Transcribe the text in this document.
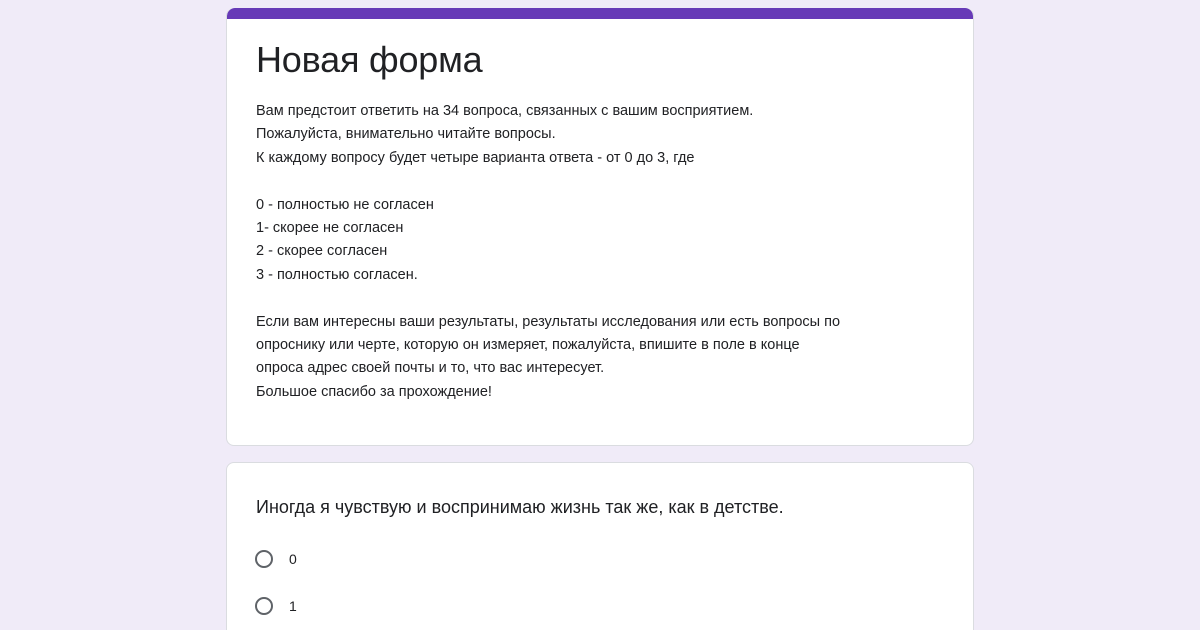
Новая форма
Вам предстоит ответить на 34 вопроса, связанных с вашим восприятием.
Пожалуйста, внимательно читайте вопросы.
К каждому вопросу будет четыре варианта ответа - от 0 до 3, где
0 - полностью не согласен
1- скорее не согласен
2 - скорее согласен
3 - полностью согласен.
Если вам интересны ваши результаты, результаты исследования или есть вопросы по
опроснику или черте, которую он измеряет, пожалуйста, впишите в поле в конце
опроса адрес своей почты и то, что вас интересует.
Большое спасибо за прохождение!
Иногда я чувствую и воспринимаю жизнь так же, как в детстве.
0
1
